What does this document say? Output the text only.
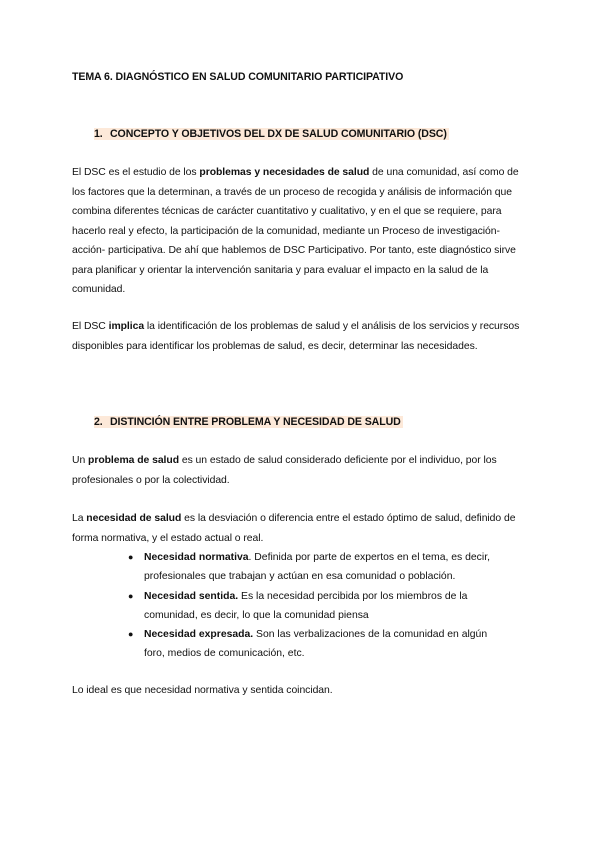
TEMA 6. DIAGNÓSTICO EN SALUD COMUNITARIO PARTICIPATIVO
1. CONCEPTO Y OBJETIVOS DEL DX DE SALUD COMUNITARIO (DSC)

El DSC es el estudio de los problemas y necesidades de salud de una comunidad, así como de los factores que la determinan, a través de un proceso de recogida y análisis de información que combina diferentes técnicas de carácter cuantitativo y cualitativo, y en el que se requiere, para hacerlo real y efecto, la participación de la comunidad, mediante un Proceso de investigación- acción- participativa. De ahí que hablemos de DSC Participativo. Por tanto, este diagnóstico sirve para planificar y orientar la intervención sanitaria y para evaluar el impacto en la salud de la comunidad.

El DSC implica la identificación de los problemas de salud y el análisis de los servicios y recursos disponibles para identificar los problemas de salud, es decir, determinar las necesidades.

2. DISTINCIÓN ENTRE PROBLEMA Y NECESIDAD DE SALUD

Un problema de salud es un estado de salud considerado deficiente por el individuo, por los profesionales o por la colectividad.

La necesidad de salud es la desviación o diferencia entre el estado óptimo de salud, definido de forma normativa, y el estado actual o real.

● Necesidad normativa. Definida por parte de expertos en el tema, es decir, profesionales que trabajan y actúan en esa comunidad o población.
● Necesidad sentida. Es la necesidad percibida por los miembros de la comunidad, es decir, lo que la comunidad piensa
● Necesidad expresada. Son las verbalizaciones de la comunidad en algún foro, medios de comunicación, etc.

Lo ideal es que necesidad normativa y sentida coincidan.
